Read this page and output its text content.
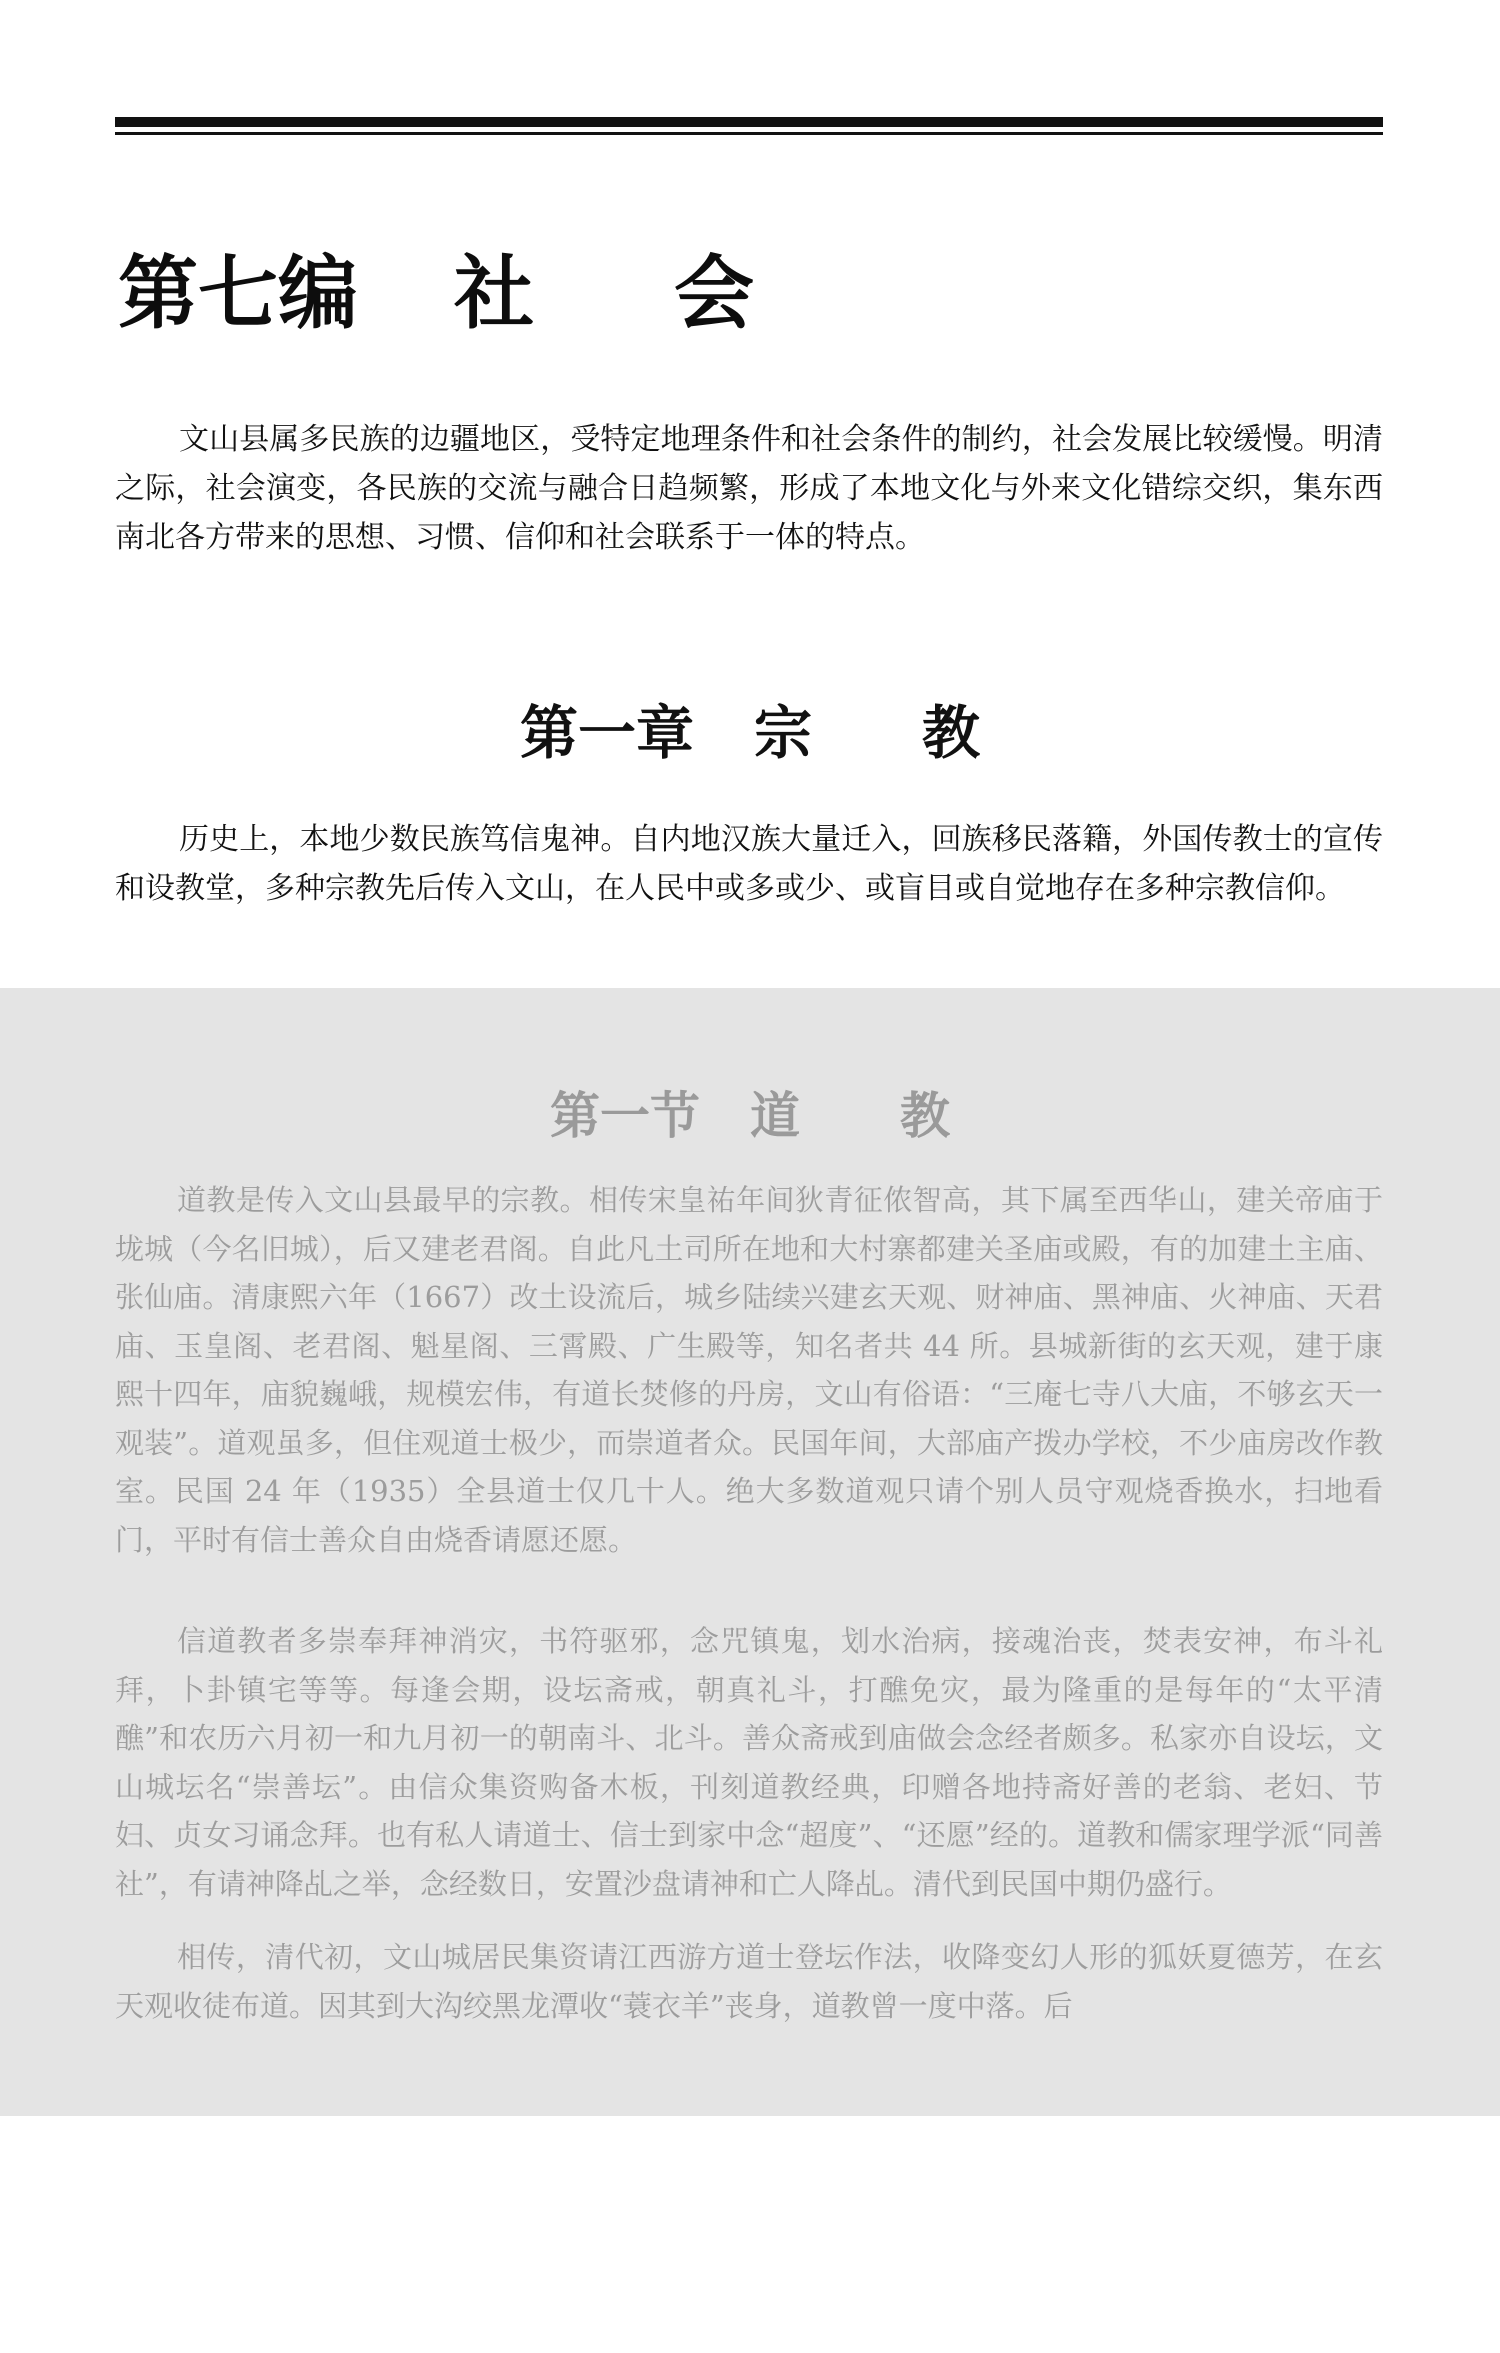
第七编 社 会

文山县属多民族的边疆地区，受特定地理条件和社会条件的制约，社会发展比较缓慢。明清之际，社会演变，各民族的交流与融合日趋频繁，形成了本地文化与外来文化错综交织，集东西南北各方带来的思想、习惯、信仰和社会联系于一体的特点。

第一章 宗 教

历史上，本地少数民族笃信鬼神。自内地汉族大量迁入，回族移民落籍，外国传教士的宣传和设教堂，多种宗教先后传入文山，在人民中或多或少、或盲目或自觉地存在多种宗教信仰。

第一节 道 教

道教是传入文山县最早的宗教。相传宋皇祐年间狄青征侬智高，其下属至西华山，建关帝庙于垅城（今名旧城），后又建老君阁。自此凡土司所在地和大村寨都建关圣庙或殿，有的加建土主庙、张仙庙。清康熙六年（1667）改土设流后，城乡陆续兴建玄天观、财神庙、黑神庙、火神庙、天君庙、玉皇阁、老君阁、魁星阁、三霄殿、广生殿等，知名者共 44 所。县城新街的玄天观，建于康熙十四年，庙貌巍峨，规模宏伟，有道长焚修的丹房，文山有俗语：“三庵七寺八大庙，不够玄天一观装”。道观虽多，但住观道士极少，而崇道者众。民国年间，大部庙产拨办学校，不少庙房改作教室。民国 24 年（1935）全县道士仅几十人。绝大多数道观只请个别人员守观烧香换水，扫地看门，平时有信士善众自由烧香请愿还愿。

信道教者多崇奉拜神消灾，书符驱邪，念咒镇鬼，划水治病，接魂治丧，焚表安神，布斗礼拜，卜卦镇宅等等。每逢会期，设坛斋戒，朝真礼斗，打醮免灾，最为隆重的是每年的“太平清醮”和农历六月初一和九月初一的朝南斗、北斗。善众斋戒到庙做会念经者颇多。私家亦自设坛，文山城坛名“崇善坛”。由信众集资购备木板，刊刻道教经典，印赠各地持斋好善的老翁、老妇、节妇、贞女习诵念拜。也有私人请道士、信士到家中念“超度”、“还愿”经的。道教和儒家理学派“同善社”，有请神降乩之举，念经数日，安置沙盘请神和亡人降乩。清代到民国中期仍盛行。

相传，清代初，文山城居民集资请江西游方道士登坛作法，收降变幻人形的狐妖夏德芳，在玄天观收徒布道。因其到大沟绞黑龙潭收“蓑衣羊”丧身，道教曾一度中落。后
